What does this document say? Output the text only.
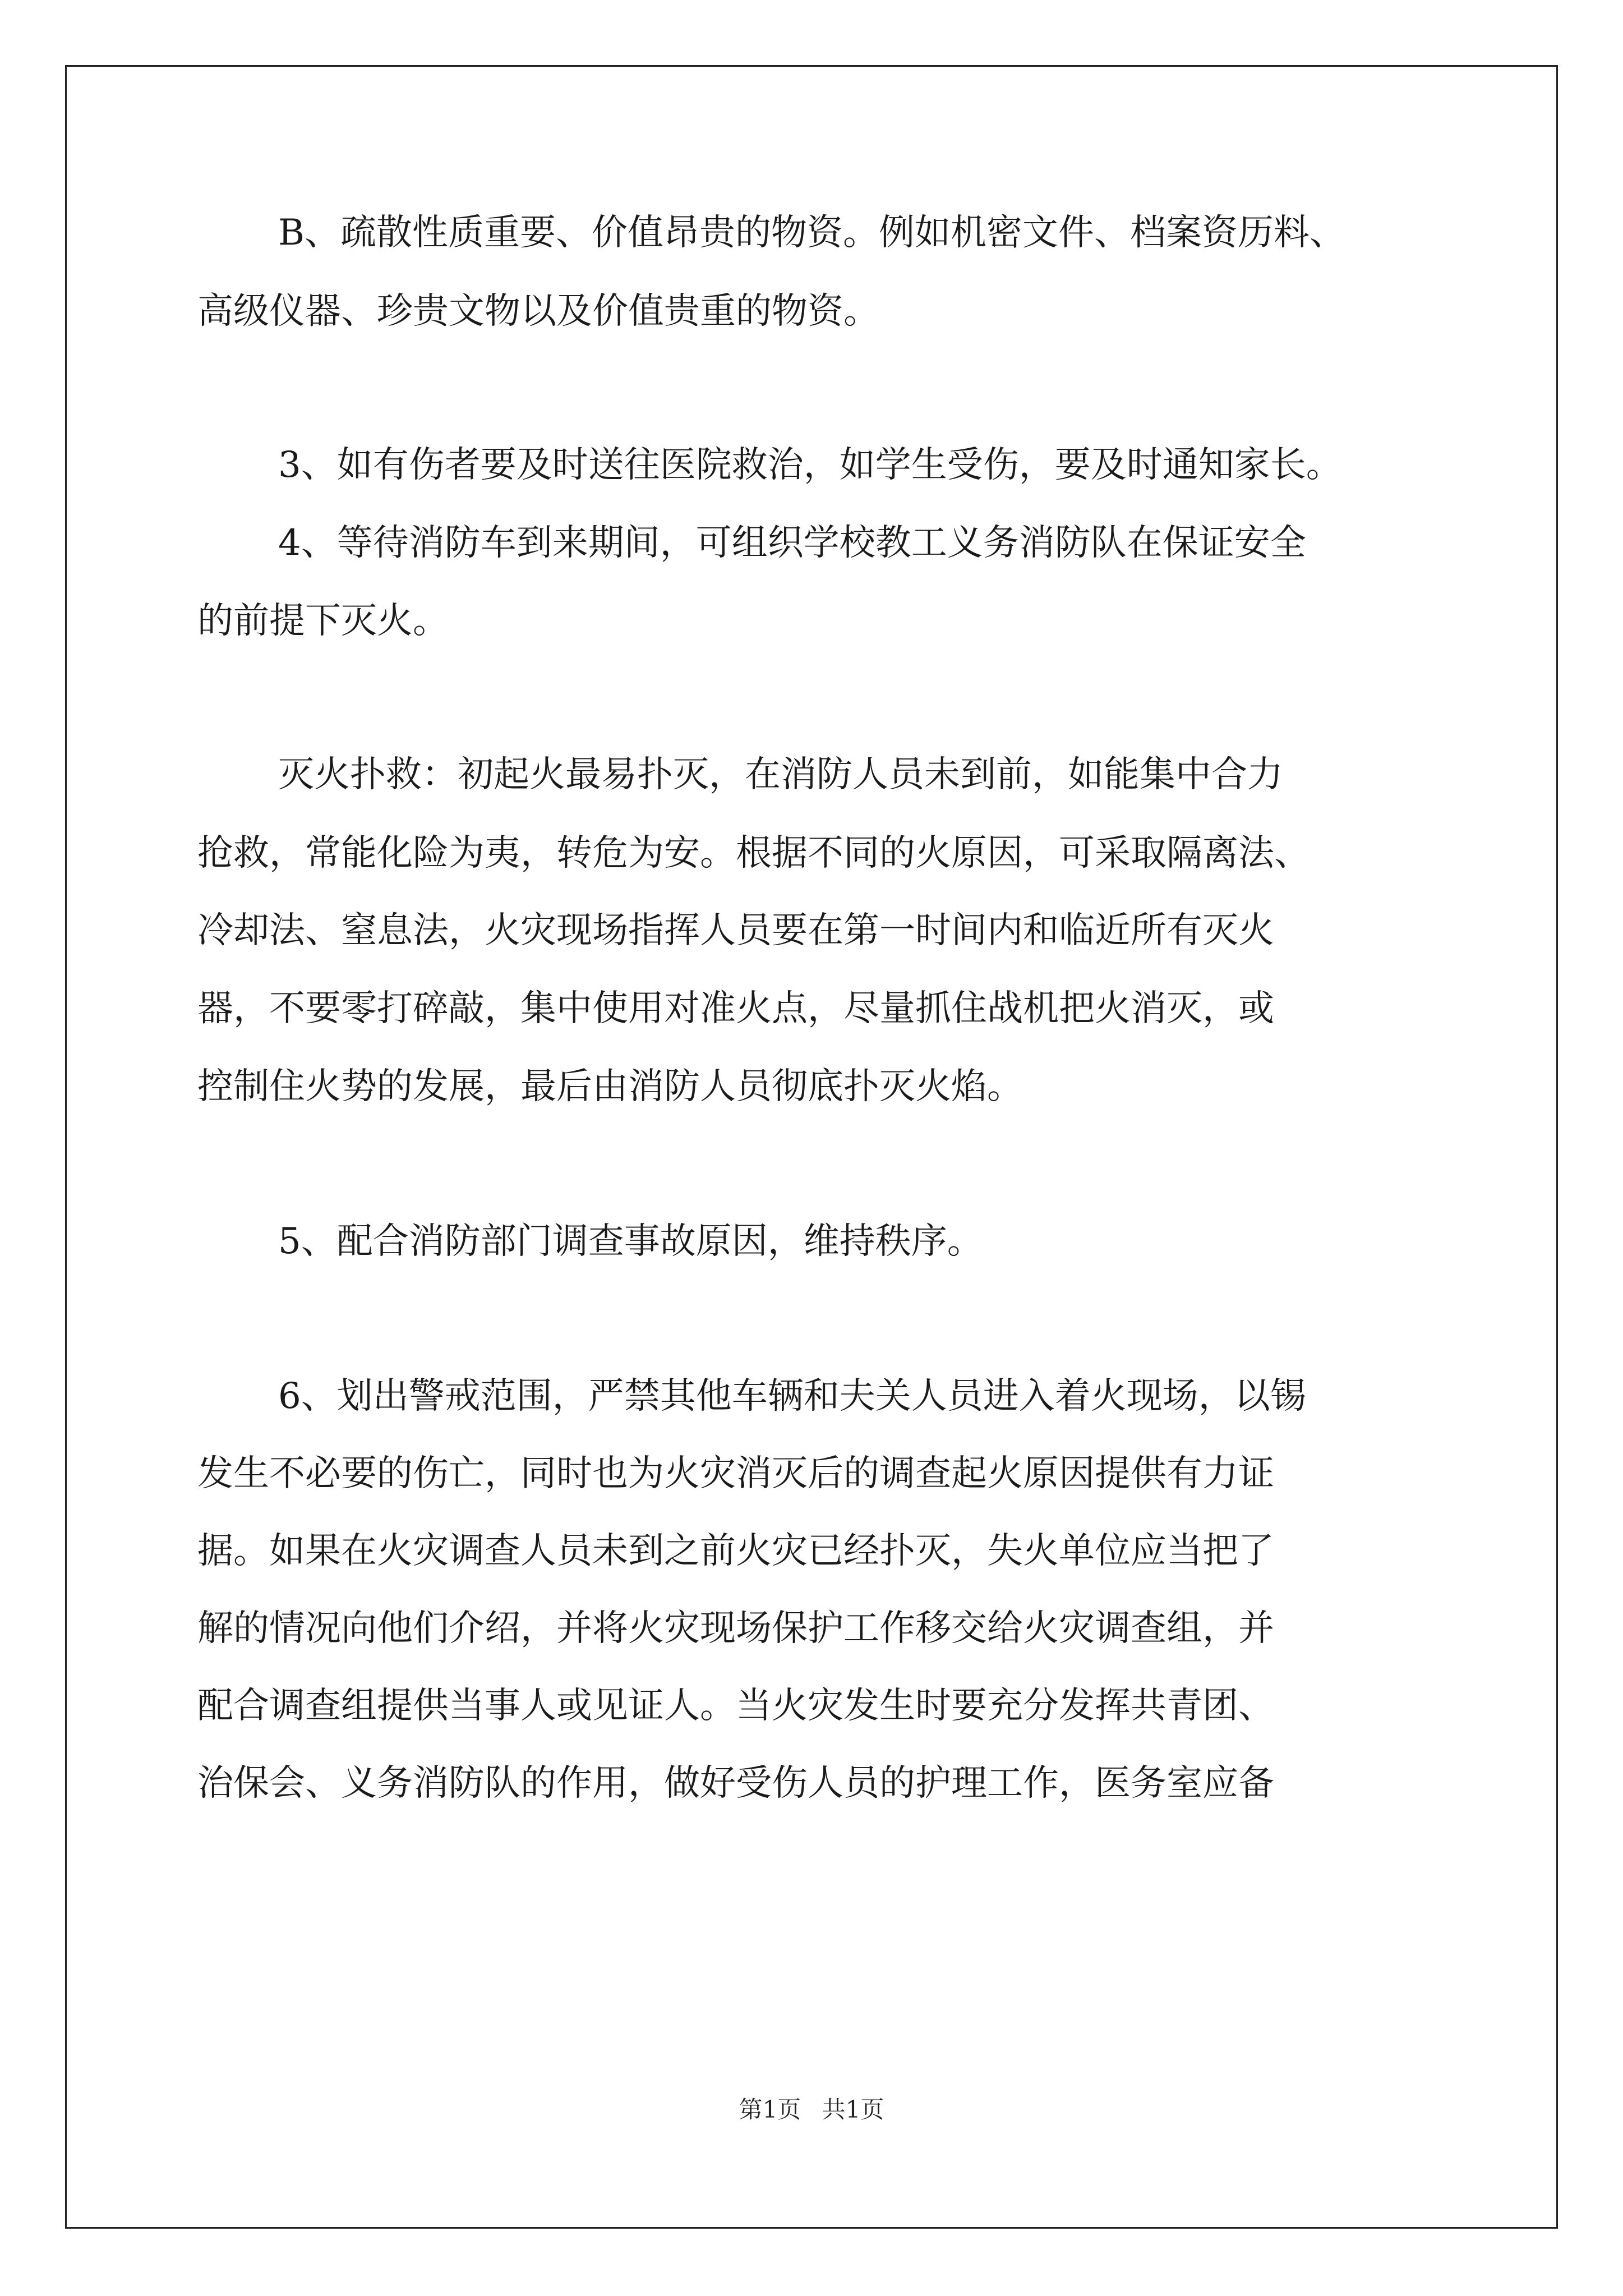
B、疏散性质重要、价值昂贵的物资。例如机密文件、档案资历料、
高级仪器、珍贵文物以及价值贵重的物资。
3、如有伤者要及时送往医院救治，如学生受伤，要及时通知家长。
4、等待消防车到来期间，可组织学校教工义务消防队在保证安全
的前提下灭火。
灭火扑救：初起火最易扑灭，在消防人员未到前，如能集中合力
抢救，常能化险为夷，转危为安。根据不同的火原因，可采取隔离法、
冷却法、窒息法，火灾现场指挥人员要在第一时间内和临近所有灭火
器，不要零打碎敲，集中使用对准火点，尽量抓住战机把火消灭，或
控制住火势的发展，最后由消防人员彻底扑灭火焰。
5、配合消防部门调查事故原因，维持秩序。
6、划出警戒范围，严禁其他车辆和夫关人员进入着火现场，以锡
发生不必要的伤亡，同时也为火灾消灭后的调查起火原因提供有力证
据。如果在火灾调查人员未到之前火灾已经扑灭，失火单位应当把了
解的情况向他们介绍，并将火灾现场保护工作移交给火灾调查组，并
配合调查组提供当事人或见证人。当火灾发生时要充分发挥共青团、
治保会、义务消防队的作用，做好受伤人员的护理工作，医务室应备
第1页 共1页
